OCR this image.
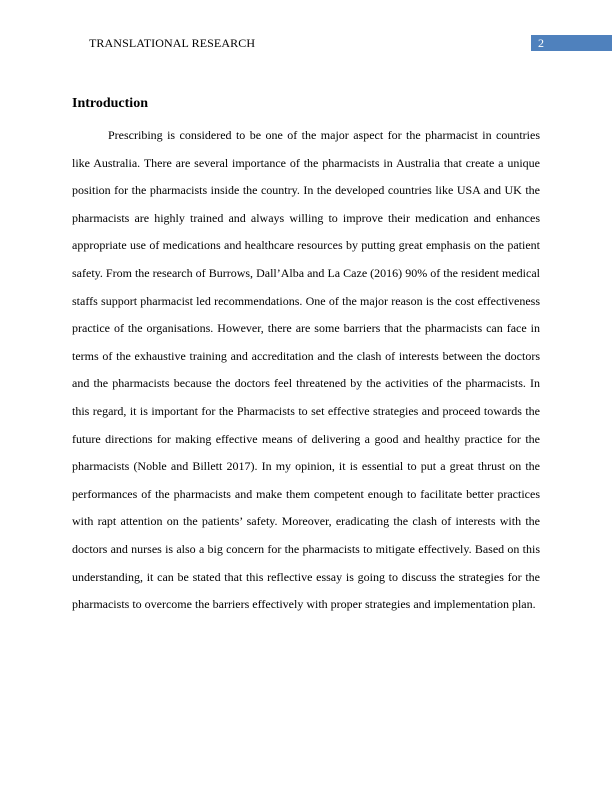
TRANSLATIONAL RESEARCH	2
Introduction

Prescribing is considered to be one of the major aspect for the pharmacist in countries like Australia. There are several importance of the pharmacists in Australia that create a unique position for the pharmacists inside the country. In the developed countries like USA and UK the pharmacists are highly trained and always willing to improve their medication and enhances appropriate use of medications and healthcare resources by putting great emphasis on the patient safety. From the research of Burrows, Dall’Alba and La Caze (2016) 90% of the resident medical staffs support pharmacist led recommendations. One of the major reason is the cost effectiveness practice of the organisations. However, there are some barriers that the pharmacists can face in terms of the exhaustive training and accreditation and the clash of interests between the doctors and the pharmacists because the doctors feel threatened by the activities of the pharmacists. In this regard, it is important for the Pharmacists to set effective strategies and proceed towards the future directions for making effective means of delivering a good and healthy practice for the pharmacists (Noble and Billett 2017). In my opinion, it is essential to put a great thrust on the performances of the pharmacists and make them competent enough to facilitate better practices with rapt attention on the patients’ safety. Moreover, eradicating the clash of interests with the doctors and nurses is also a big concern for the pharmacists to mitigate effectively. Based on this understanding, it can be stated that this reflective essay is going to discuss the strategies for the pharmacists to overcome the barriers effectively with proper strategies and implementation plan.
